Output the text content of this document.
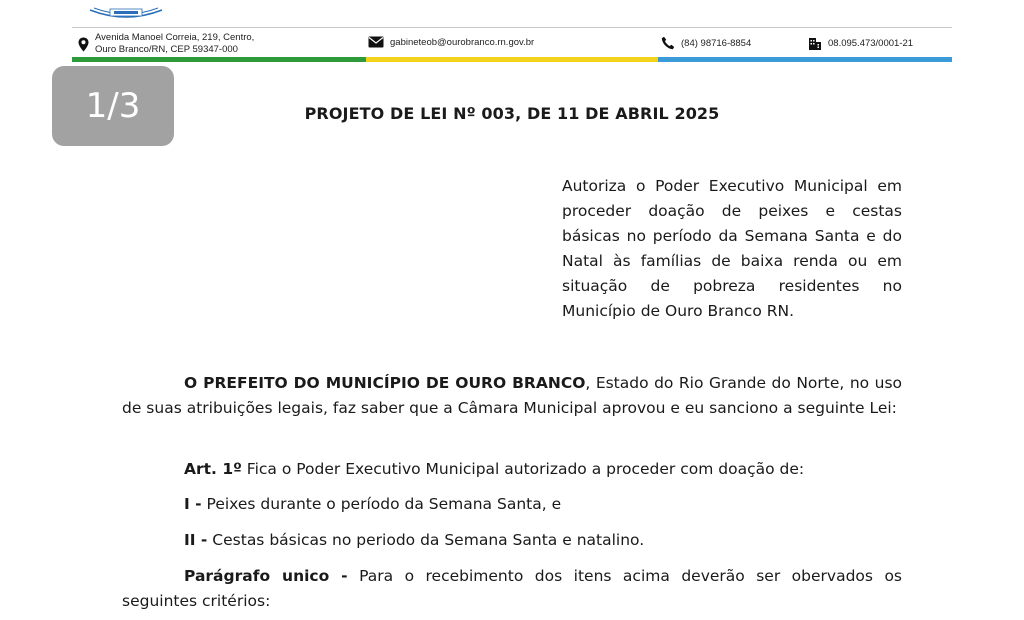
Avenida Manoel Correia, 219, Centro,
Ouro Branco/RN, CEP 59347-000
gabineteob@ourobranco.rn.gov.br	(84) 98716-8854	08.095.473/0001-21
1/3	PROJETO DE LEI Nº 003, DE 11 DE ABRIL 2025
Autoriza o Poder Executivo Municipal em proceder doação de peixes e cestas básicas no período da Semana Santa e do Natal às famílias de baixa renda ou em situação de pobreza residentes no Município de Ouro Branco RN.
O PREFEITO DO MUNICÍPIO DE OURO BRANCO, Estado do Rio Grande do Norte, no uso de suas atribuições legais, faz saber que a Câmara Municipal aprovou e eu sanciono a seguinte Lei:
Art. 1º Fica o Poder Executivo Municipal autorizado a proceder com doação de:
I - Peixes durante o período da Semana Santa, e
II - Cestas básicas no periodo da Semana Santa e natalino.
Parágrafo unico - Para o recebimento dos itens acima deverão ser obervados os seguintes critérios:
